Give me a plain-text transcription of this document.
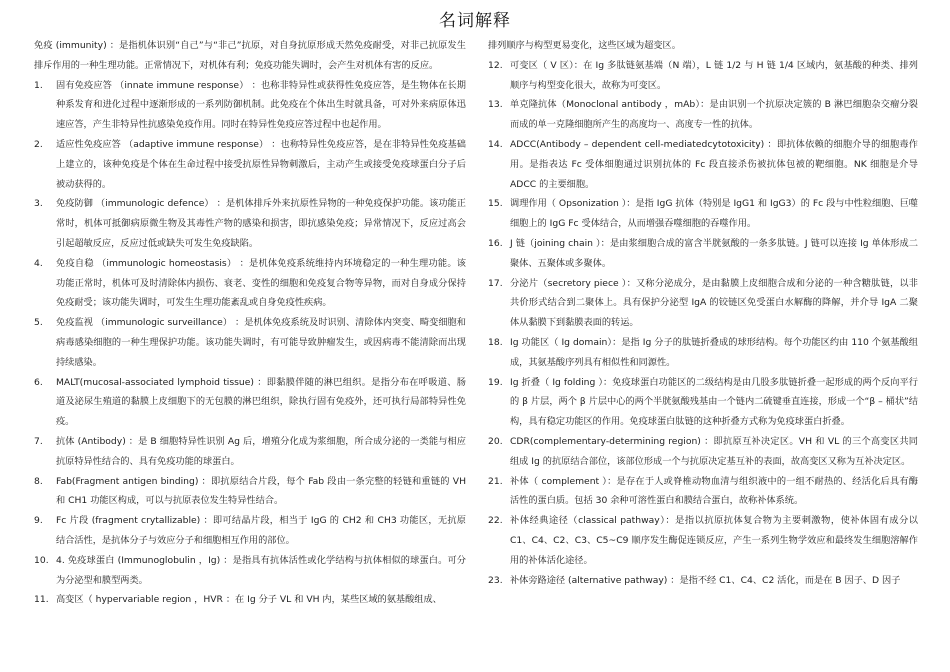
名词解释

免疫 (immunity) ：是指机体识别“自己”与“非己”抗原，对自身抗原形成天然免疫耐受，对非己抗原发生排斥作用的一种生理功能。正常情况下，对机体有利；免疫功能失调时，会产生对机体有害的反应。

1.	固有免疫应答 （innate immune response） ：也称非特异性或获得性免疫应答，是生物体在长期种系发育和进化过程中逐渐形成的一系列防御机制。此免疫在个体出生时就具备，可对外来病原体迅速应答，产生非特异性抗感染免疫作用。同时在特异性免疫应答过程中也起作用。
2.	适应性免疫应答 （adaptive immune response） ：也称特异性免疫应答，是在非特异性免疫基础上建立的，该种免疫是个体在生命过程中接受抗原性异物刺激后，主动产生或接受免疫球蛋白分子后被动获得的。
3.	免疫防御 （immunologic defence） ：是机体排斥外来抗原性异物的一种免疫保护功能。该功能正常时，机体可抵御病原微生物及其毒性产物的感染和损害，即抗感染免疫；异常情况下，反应过高会引起超敏反应，反应过低或缺失可发生免疫缺陷。
4.	免疫自稳 （immunologic homeostasis） ：是机体免疫系统维持内环境稳定的一种生理功能。该功能正常时，机体可及时清除体内损伤、衰老、变性的细胞和免疫复合物等异物，而对自身成分保持免疫耐受；该功能失调时，可发生生理功能紊乱或自身免疫性疾病。
5.	免疫监视 （immunologic surveillance） ：是机体免疫系统及时识别、清除体内突变、畸变细胞和病毒感染细胞的一种生理保护功能。该功能失调时，有可能导致肿瘤发生，或因病毒不能清除而出现持续感染。
6.	MALT(mucosal-associated lymphoid tissue) ：即黏膜伴随的淋巴组织。是指分布在呼吸道、肠道及泌尿生殖道的黏膜上皮细胞下的无包膜的淋巴组织，除执行固有免疫外，还可执行局部特异性免疫。
7.	抗体 (Antibody) ：是 B 细胞特异性识别 Ag 后，增殖分化成为浆细胞，所合成分泌的一类能与相应抗原特异性结合的、具有免疫功能的球蛋白。
8.	Fab(Fragment antigen binding) ：即抗原结合片段，每个 Fab 段由一条完整的轻链和重链的 VH 和 CH1 功能区构成，可以与抗原表位发生特异性结合。
9.	Fc 片段 (fragment crytallizable) ：即可结晶片段，相当于 IgG 的 CH2 和 CH3 功能区，无抗原结合活性，是抗体分子与效应分子和细胞相互作用的部位。
10. 4. 免疫球蛋白 (Immunoglobulin ，Ig) ：是指具有抗体活性或化学结构与抗体相似的球蛋白。可分为分泌型和膜型两类。
11. 高变区（ hypervariable region ，HVR ：在 Ig 分子 VL 和 VH 内，某些区域的氨基酸组成、

排列顺序与构型更易变化，这些区域为超变区。

12. 可变区（ V 区）：在 Ig 多肽链氨基端（N 端），L 链 1/2 与 H 链 1/4 区域内，氨基酸的种类、排列顺序与构型变化很大，故称为可变区。
13. 单克隆抗体（Monoclonal antibody ，mAb）：是由识别一个抗原决定簇的 B 淋巴细胞杂交瘤分裂而成的单一克隆细胞所产生的高度均一、高度专一性的抗体。
14. ADCC(Antibody – dependent cell-mediatedcytotoxicity) ：即抗体依赖的细胞介导的细胞毒作用。是指表达 Fc 受体细胞通过识别抗体的 Fc 段直接杀伤被抗体包被的靶细胞。NK 细胞是介导 ADCC 的主要细胞。
15. 调理作用（ Opsonization ）：是指 IgG 抗体（特别是 IgG1 和 IgG3）的 Fc 段与中性粒细胞、巨噬细胞上的 IgG Fc 受体结合，从而增强吞噬细胞的吞噬作用。
16. J 链（joining chain ）：是由浆细胞合成的富含半胱氨酸的一条多肽链。J 链可以连接 Ig 单体形成二聚体、五聚体或多聚体。
17. 分泌片（secretory piece ）：又称分泌成分，是由黏膜上皮细胞合成和分泌的一种含糖肽链，以非共价形式结合到二聚体上。具有保护分泌型 IgA 的铰链区免受蛋白水解酶的降解，并介导 IgA 二聚体从黏膜下到黏膜表面的转运。
18. Ig 功能区（ Ig domain）：是指 Ig 分子的肽链折叠成的球形结构。每个功能区约由 110 个氨基酸组成，其氨基酸序列具有相似性和同源性。
19. Ig 折叠（ Ig folding ）：免疫球蛋白功能区的二级结构是由几股多肽链折叠一起形成的两个反向平行的 β 片层，两个 β 片层中心的两个半胱氨酸残基由一个链内二硫键垂直连接，形成一个“β – 桶状”结构，具有稳定功能区的作用。免疫球蛋白肽链的这种折叠方式称为免疫球蛋白折叠。
20. CDR(complementary-determining region) ：即抗原互补决定区。VH 和 VL 的三个高变区共同组成 Ig 的抗原结合部位，该部位形成一个与抗原决定基互补的表面，故高变区又称为互补决定区。
21. 补体（ complement ）：是存在于人或脊椎动物血清与组织液中的一组不耐热的、经活化后具有酶活性的蛋白质。包括 30 余种可溶性蛋白和膜结合蛋白，故称补体系统。
22. 补体经典途径（classical pathway）：是指以抗原抗体复合物为主要刺激物，使补体固有成分以 C1、C4、C2、C3、C5~C9 顺序发生酶促连锁反应，产生一系列生物学效应和最终发生细胞溶解作用的补体活化途径。
23. 补体旁路途径 (alternative pathway) ：是指不经 C1、C4、C2 活化，而是在 B 因子、D 因子
